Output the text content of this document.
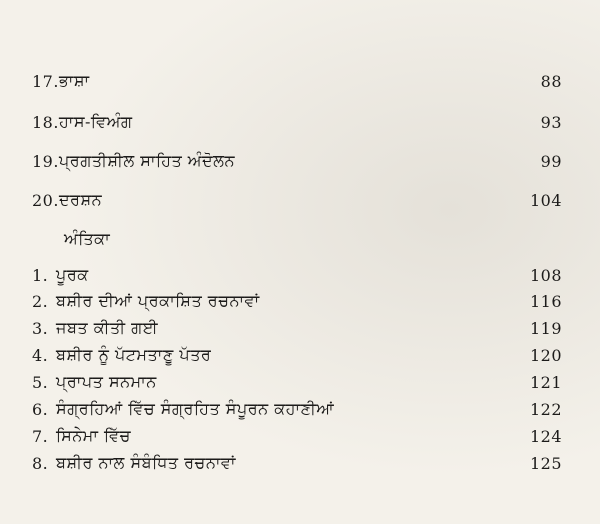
17. ਭਾਸ਼ਾ	88
18. ਹਾਸ-ਵਿਅੰਗ	93
19. ਪ੍ਰਗਤੀਸ਼ੀਲ ਸਾਹਿਤ ਅੰਦੋਲਨ	99
20. ਦਰਸ਼ਨ	104
ਅੰਤਿਕਾ
1. ਪੂਰਕ	108
2. ਬਸ਼ੀਰ ਦੀਆਂ ਪ੍ਰਕਾਸ਼ਿਤ ਰਚਨਾਵਾਂ	116
3. ਜਬਤ ਕੀਤੀ ਗਈ	119
4. ਬਸ਼ੀਰ ਨੂੰ ਪੱਟਮਤਾਣੂ ਪੱਤਰ	120
5. ਪ੍ਰਾਪਤ ਸਨਮਾਨ	121
6. ਸੰਗ੍ਰਹਿਆਂ ਵਿੱਚ ਸੰਗ੍ਰਹਿਤ ਸੰਪੂਰਨ ਕਹਾਣੀਆਂ	122
7. ਸਿਨੇਮਾ ਵਿੱਚ	124
8. ਬਸ਼ੀਰ ਨਾਲ ਸੰਬੰਧਿਤ ਰਚਨਾਵਾਂ	125
